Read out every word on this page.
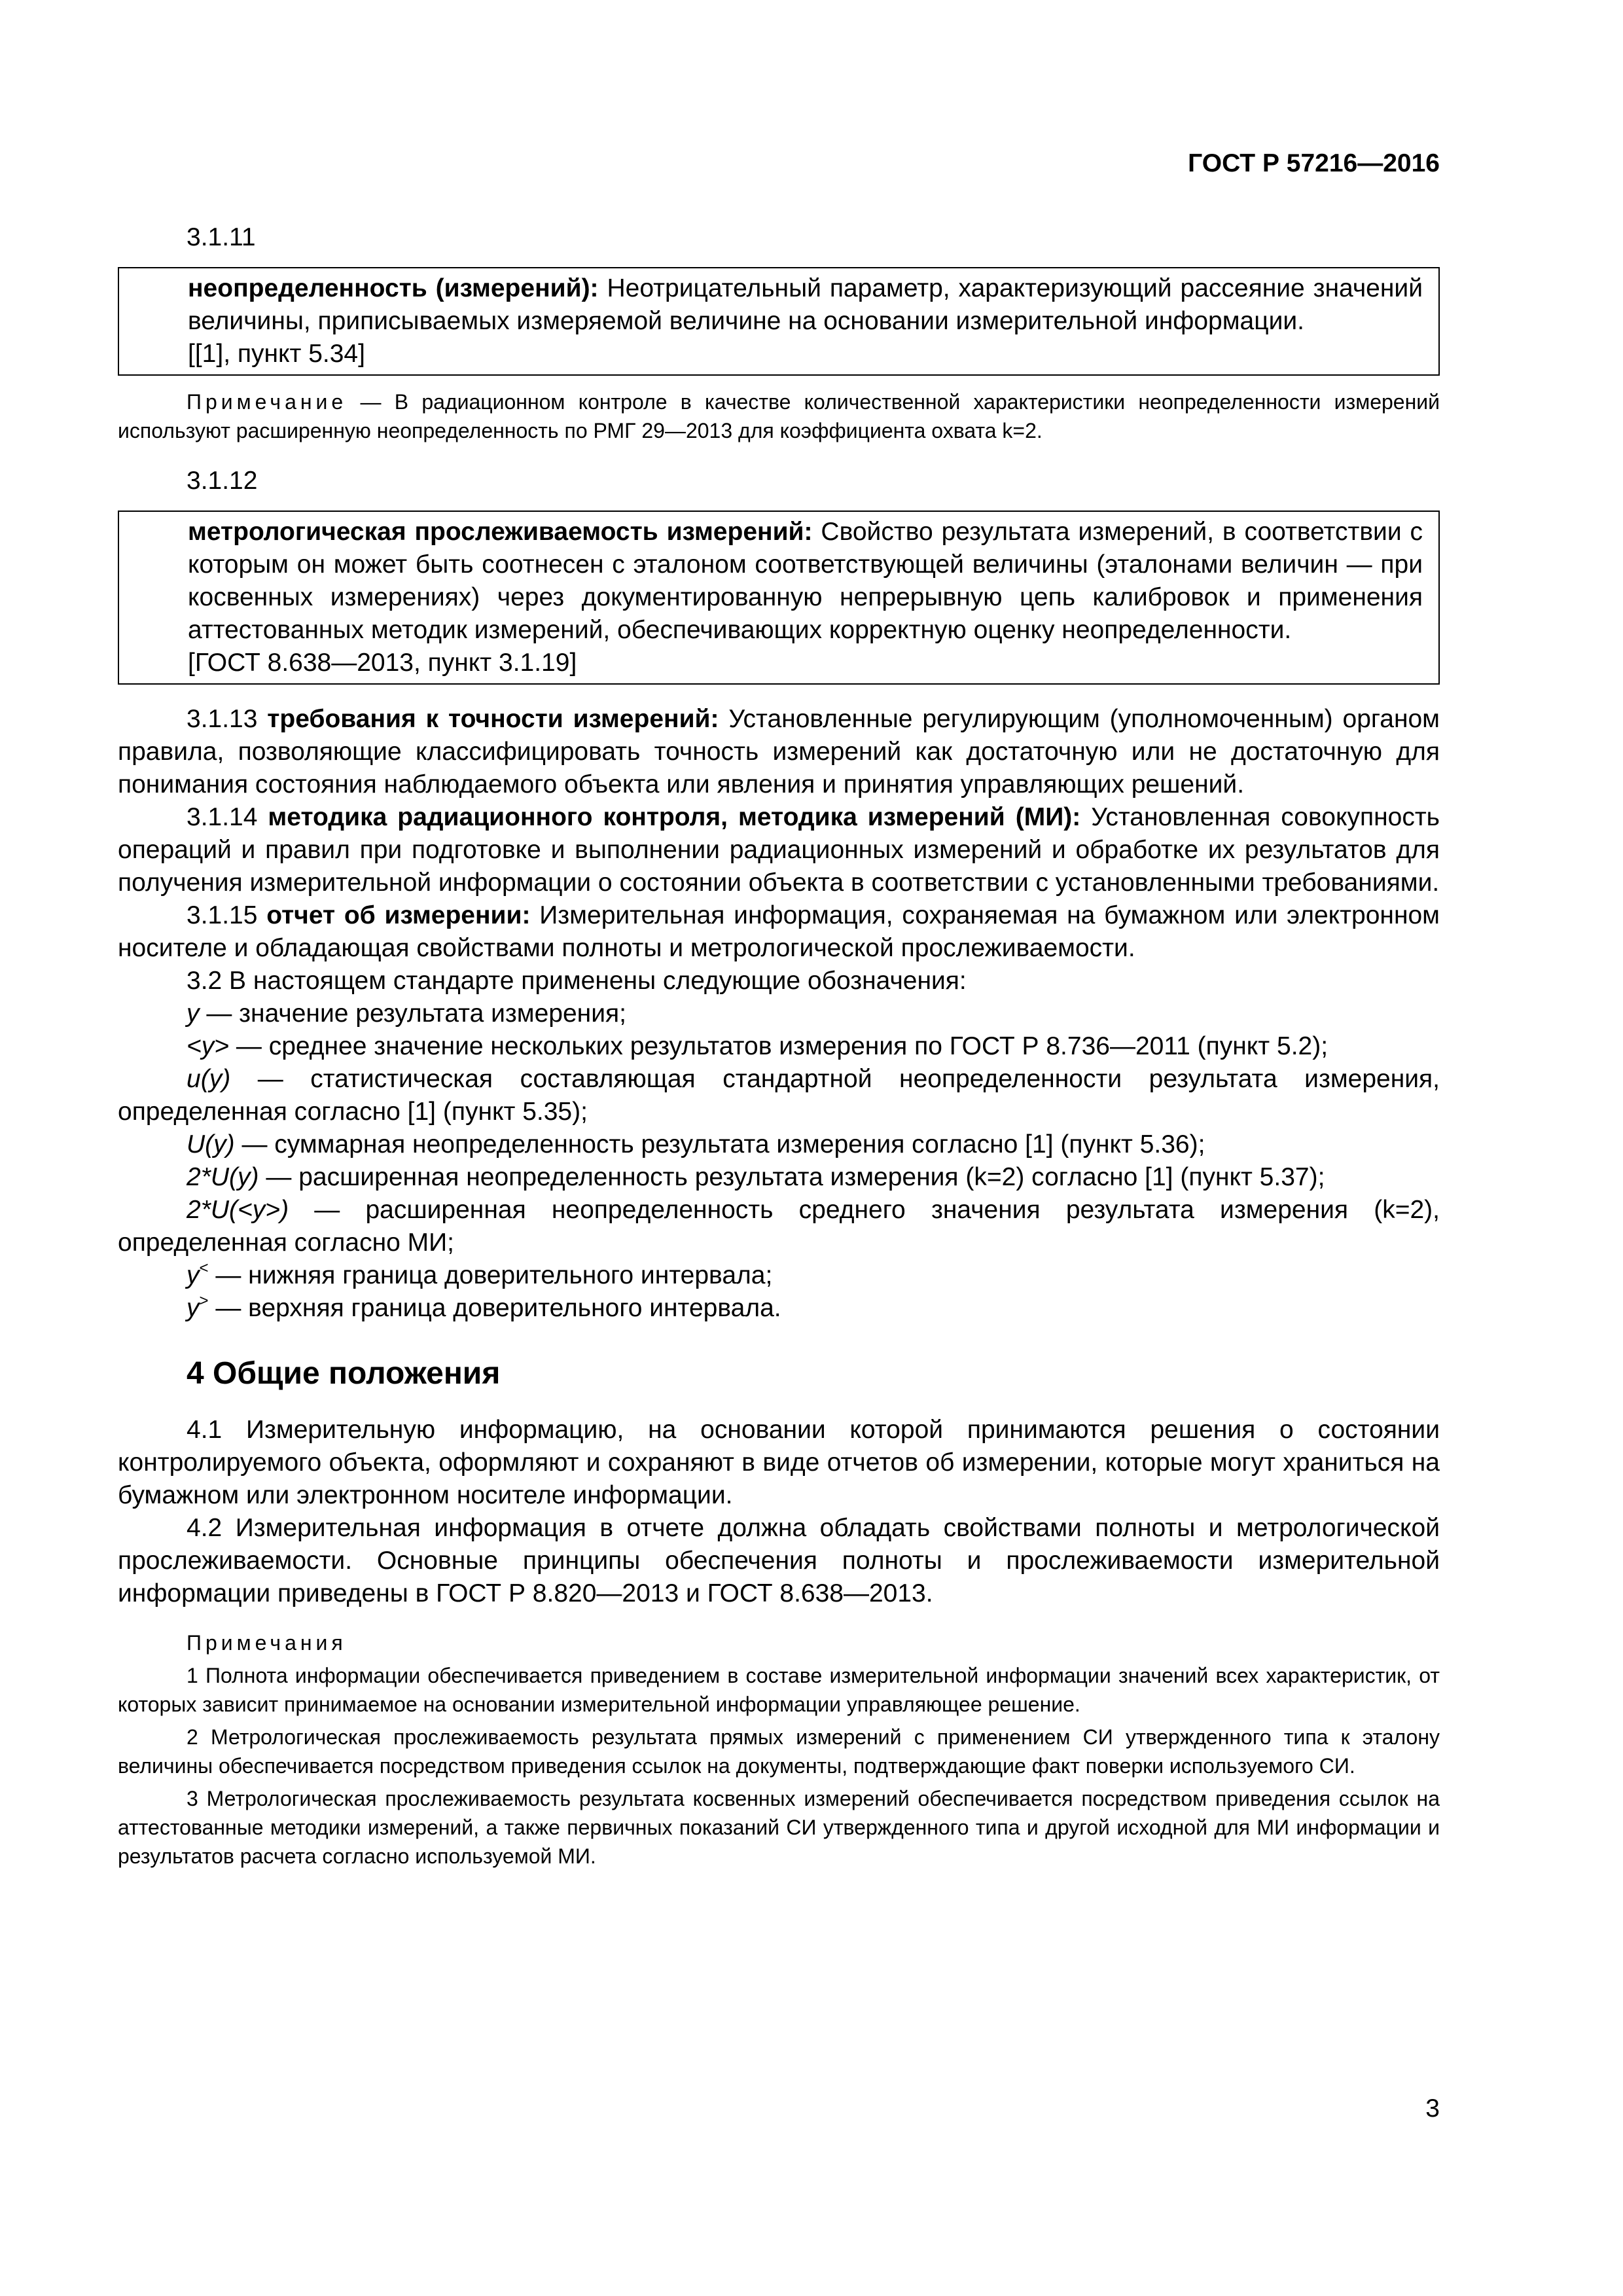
ГОСТ Р 57216—2016
3.1.11

неопределенность (измерений): Неотрицательный параметр, характеризующий рассеяние значений величины, приписываемых измеряемой величине на основании измерительной информации.

[[1], пункт 5.34]

Примечание — В радиационном контроле в качестве количественной характеристики неопределенности измерений используют расширенную неопределенность по РМГ 29—2013 для коэффициента охвата k=2.

3.1.12

метрологическая прослеживаемость измерений: Свойство результата измерений, в соответствии с которым он может быть соотнесен с эталоном соответствующей величины (эталонами величин — при косвенных измерениях) через документированную непрерывную цепь калибровок и применения аттестованных методик измерений, обеспечивающих корректную оценку неопределенности.

[ГОСТ 8.638—2013, пункт 3.1.19]

3.1.13 требования к точности измерений: Установленные регулирующим (уполномоченным) органом правила, позволяющие классифицировать точность измерений как достаточную или не достаточную для понимания состояния наблюдаемого объекта или явления и принятия управляющих решений.

3.1.14 методика радиационного контроля, методика измерений (МИ): Установленная совокупность операций и правил при подготовке и выполнении радиационных измерений и обработке их результатов для получения измерительной информации о состоянии объекта в соответствии с установленными требованиями.

3.1.15 отчет об измерении: Измерительная информация, сохраняемая на бумажном или электронном носителе и обладающая свойствами полноты и метрологической прослеживаемости.

3.2 В настоящем стандарте применены следующие обозначения:

y — значение результата измерения;

<y> — среднее значение нескольких результатов измерения по ГОСТ Р 8.736—2011 (пункт 5.2);

u(y) — статистическая составляющая стандартной неопределенности результата измерения, определенная согласно [1] (пункт 5.35);

U(y) — суммарная неопределенность результата измерения согласно [1] (пункт 5.36);

2*U(y) — расширенная неопределенность результата измерения (k=2) согласно [1] (пункт 5.37);

2*U(<y>) — расширенная неопределенность среднего значения результата измерения (k=2), определенная согласно МИ;

y< — нижняя граница доверительного интервала;

y> — верхняя граница доверительного интервала.

4 Общие положения

4.1 Измерительную информацию, на основании которой принимаются решения о состоянии контролируемого объекта, оформляют и сохраняют в виде отчетов об измерении, которые могут храниться на бумажном или электронном носителе информации.

4.2 Измерительная информация в отчете должна обладать свойствами полноты и метрологической прослеживаемости. Основные принципы обеспечения полноты и прослеживаемости измерительной информации приведены в ГОСТ Р 8.820—2013 и ГОСТ 8.638—2013.

Примечания

1 Полнота информации обеспечивается приведением в составе измерительной информации значений всех характеристик, от которых зависит принимаемое на основании измерительной информации управляющее решение.

2 Метрологическая прослеживаемость результата прямых измерений с применением СИ утвержденного типа к эталону величины обеспечивается посредством приведения ссылок на документы, подтверждающие факт поверки используемого СИ.

3 Метрологическая прослеживаемость результата косвенных измерений обеспечивается посредством приведения ссылок на аттестованные методики измерений, а также первичных показаний СИ утвержденного типа и другой исходной для МИ информации и результатов расчета согласно используемой МИ.

3
